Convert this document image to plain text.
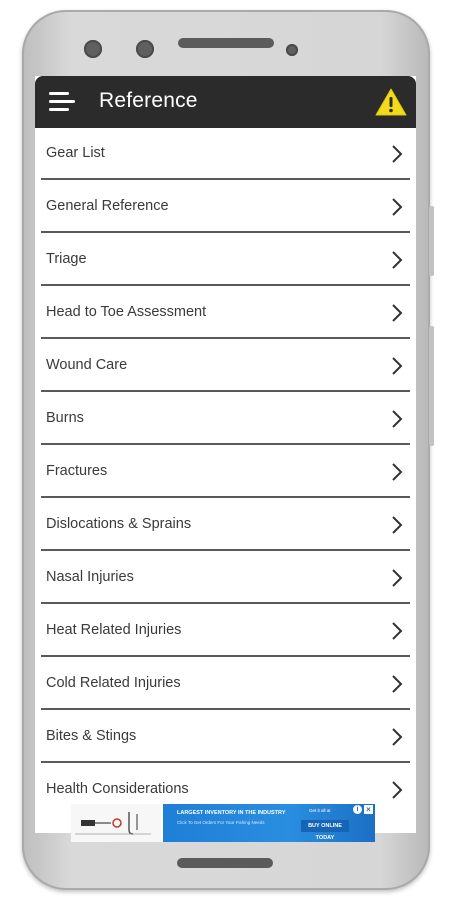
Reference
Gear List
General Reference
Triage
Head to Toe Assessment
Wound Care
Burns
Fractures
Dislocations & Sprains
Nasal Injuries
Heat Related Injuries
Cold Related Injuries
Bites & Stings
Health Considerations
LARGEST INVENTORY IN THE INDUSTRY
Click To Get Orders For Your Fishing Needs
Get it all at
BUY ONLINE TODAY
i ×
